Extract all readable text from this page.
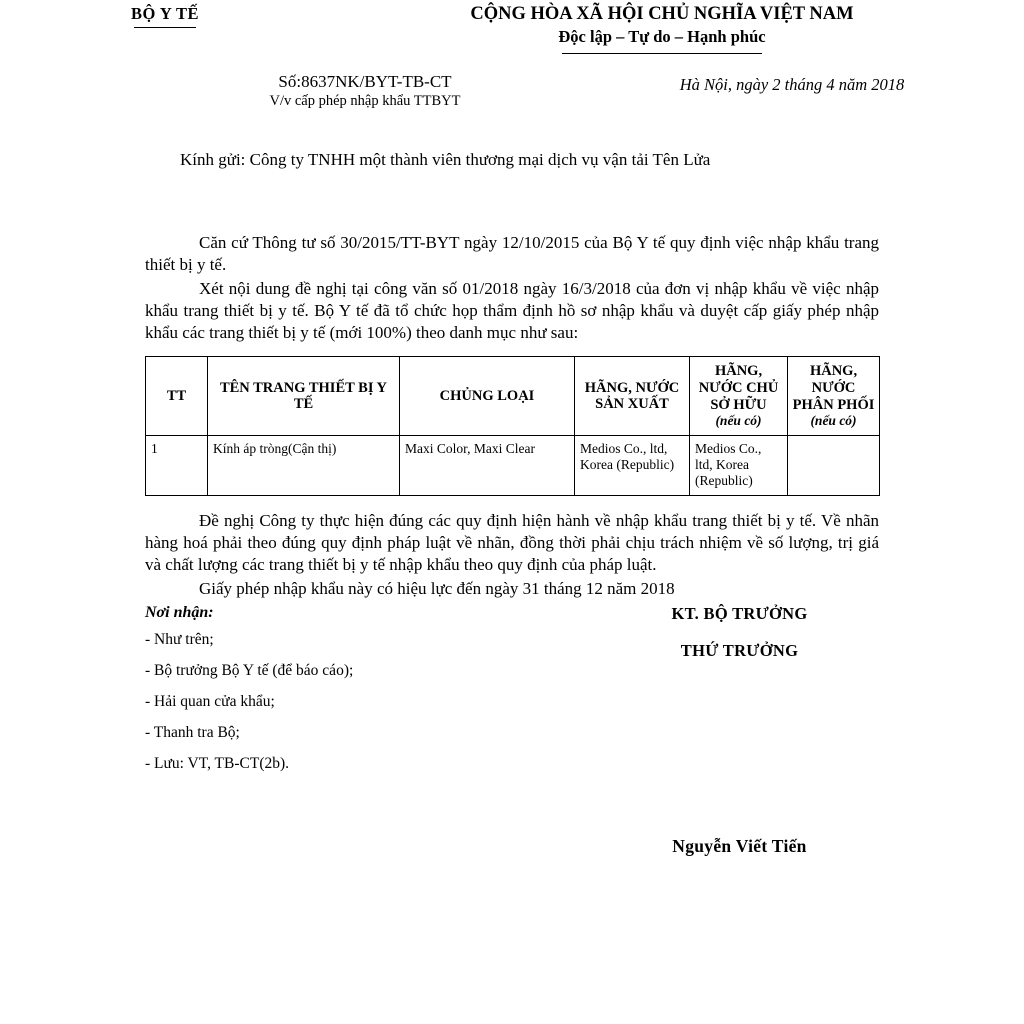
BỘ Y TẾ	CỘNG HÒA XÃ HỘI CHỦ NGHĨA VIỆT NAM
Độc lập – Tự do – Hạnh phúc
Số:8637NK/BYT-TB-CT
V/v cấp phép nhập khẩu TTBYT
Hà Nội, ngày 2 tháng 4 năm 2018
Kính gửi: Công ty TNHH một thành viên thương mại dịch vụ vận tải Tên Lửa

Căn cứ Thông tư số 30/2015/TT-BYT ngày 12/10/2015 của Bộ Y tế quy định việc nhập khẩu trang thiết bị y tế.

Xét nội dung đề nghị tại công văn số 01/2018 ngày 16/3/2018 của đơn vị nhập khẩu về việc nhập khẩu trang thiết bị y tế. Bộ Y tế đã tổ chức họp thẩm định hồ sơ nhập khẩu và duyệt cấp giấy phép nhập khẩu các trang thiết bị y tế (mới 100%) theo danh mục như sau:

TT	TÊN TRANG THIẾT BỊ Y TẾ	CHỦNG LOẠI	HÃNG, NƯỚC SẢN XUẤT	HÃNG, NƯỚC CHỦ SỞ HỮU
(nếu có)	HÃNG, NƯỚC PHÂN PHỐI
(nếu có)

1	Kính áp tròng(Cận thị)	Maxi Color, Maxi Clear	Medios Co., ltd, Korea (Republic)	Medios Co., ltd, Korea (Republic)	

Đề nghị Công ty thực hiện đúng các quy định hiện hành về nhập khẩu trang thiết bị y tế. Về nhãn hàng hoá phải theo đúng quy định pháp luật về nhãn, đồng thời phải chịu trách nhiệm về số lượng, trị giá và chất lượng các trang thiết bị y tế nhập khẩu theo quy định của pháp luật.

Giấy phép nhập khẩu này có hiệu lực đến ngày 31 tháng 12 năm 2018

Nơi nhận:
- Như trên;
- Bộ trưởng Bộ Y tế (để báo cáo);
- Hải quan cửa khẩu;
- Thanh tra Bộ;
- Lưu: VT, TB-CT(2b).
KT. BỘ TRƯỞNG
THỨ TRƯỞNG
Nguyễn Viết Tiến
